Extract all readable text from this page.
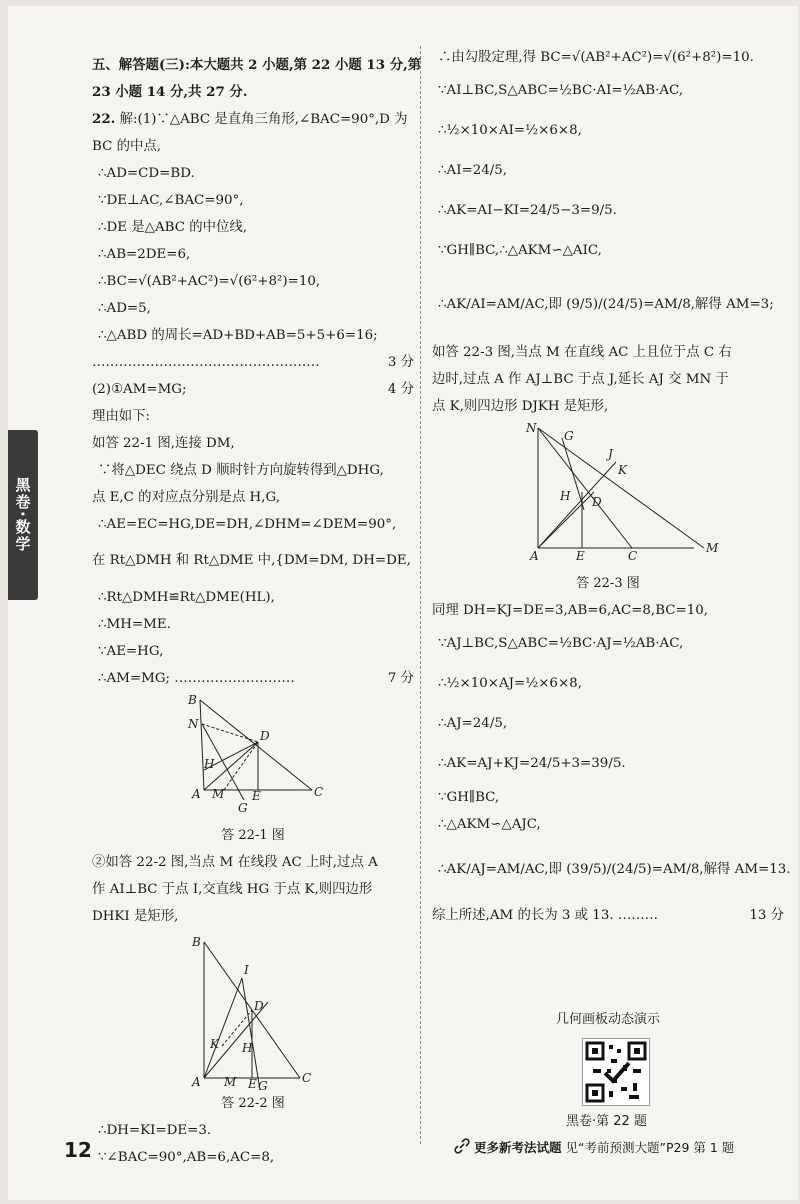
黑卷·数学
五、解答题(三):本大题共 2 小题,第 22 小题 13 分,第
23 小题 14 分,共 27 分.
22. 解:(1)∵△ABC 是直角三角形,∠BAC=90°,D 为
BC 的中点,
∴AD=CD=BD.
∵DE⊥AC,∠BAC=90°,
∴DE 是△ABC 的中位线,
∴AB=2DE=6,
∴BC=√(AB²+AC²)=√(6²+8²)=10,
∴AD=5,
∴△ABD 的周长=AD+BD+AB=5+5+6=16;
……………………………………………	3 分
(2)①AM=MG;	4 分
理由如下:
如答 22-1 图,连接 DM,
∵将△DEC 绕点 D 顺时针方向旋转得到△DHG,
点 E,C 的对应点分别是点 H,G,
∴AE=EC=HG,DE=DH,∠DHM=∠DEM=90°,
在 Rt△DMH 和 Rt△DME 中,{DM=DM, DH=DE,
∴Rt△DMH≌Rt△DME(HL),
∴MH=ME.
∵AE=HG,
∴AM=MG; ………………………	7 分
B
N
H
D
A M E	C
G
答 22-1 图
②如答 22-2 图,当点 M 在线段 AC 上时,过点 A
作 AI⊥BC 于点 I,交直线 HG 于点 K,则四边形
DHKI 是矩形,
B
I
D
K H
A M E	C
G
答 22-2 图
∴DH=KI=DE=3.
∵∠BAC=90°,AB=6,AC=8,
∴由勾股定理,得 BC=√(AB²+AC²)=√(6²+8²)=10.
∵AI⊥BC,S△ABC=½BC·AI=½AB·AC,
∴½×10×AI=½×6×8,
∴AI=24/5,
∴AK=AI−KI=24/5−3=9/5.
∵GH∥BC,∴△AKM∽△AIC,
∴AK/AI=AM/AC,即 (9/5)/(24/5)=AM/8,解得 AM=3;
如答 22-3 图,当点 M 在直线 AC 上且位于点 C 右
边时,过点 A 作 AJ⊥BC 于点 J,延长 AJ 交 MN 于
点 K,则四边形 DJKH 是矩形,
N
G
J
K
D
H
A	E	C
M
答 22-3 图
同理 DH=KJ=DE=3,AB=6,AC=8,BC=10,
∵AJ⊥BC,S△ABC=½BC·AJ=½AB·AC,
∴½×10×AJ=½×6×8,
∴AJ=24/5,
∴AK=AJ+KJ=24/5+3=39/5.
∵GH∥BC,
∴△AKM∽△AJC,
∴AK/AJ=AM/AC,即 (39/5)/(24/5)=AM/8,解得 AM=13.
综上所述,AM 的长为 3 或 13. ………	13 分
几何画板动态演示
黑卷·第 22 题
12	更多新考法试题 见“考前预测大题”P29 第 1 题
